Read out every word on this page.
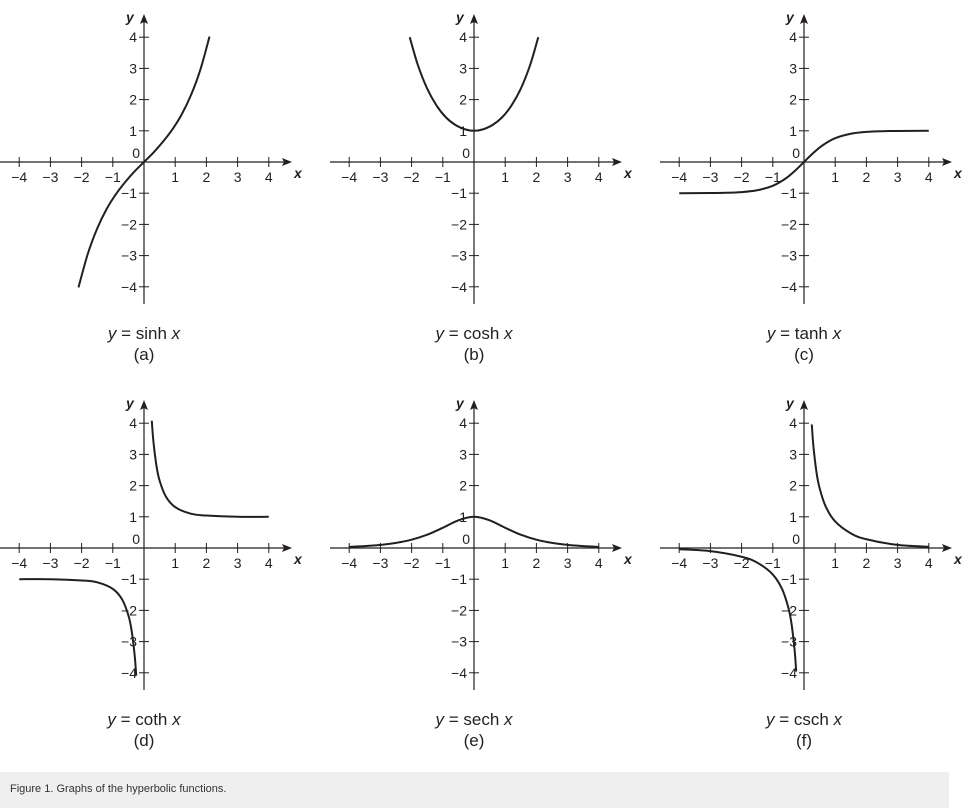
x
y
−4
−4
−3
−3
−2
−2
−1
−1
1
1
2
2
3
3
4
4
0
y = sinh x
(a)
x
y
−4
−4
−3
−3
−2
−2
−1
−1
1
1
2
2
3
3
4
4
0
y = cosh x
(b)
x
y
−4
−4
−3
−3
−2
−2
−1
−1
1
1
2
2
3
3
4
4
0
y = tanh x
(c)
x
y
−4
−4
−3
−3
−2
−2
−1
−1
1
1
2
2
3
3
4
4
0
y = coth x
(d)
x
y
−4
−4
−3
−3
−2
−2
−1
−1
1
1
2
2
3
3
4
4
0
y = sech x
(e)
x
y
−4
−4
−3
−3
−2
−2
−1
−1
1
1
2
2
3
3
4
4
0
y = csch x
(f)
Figure 1. Graphs of the hyperbolic functions.
